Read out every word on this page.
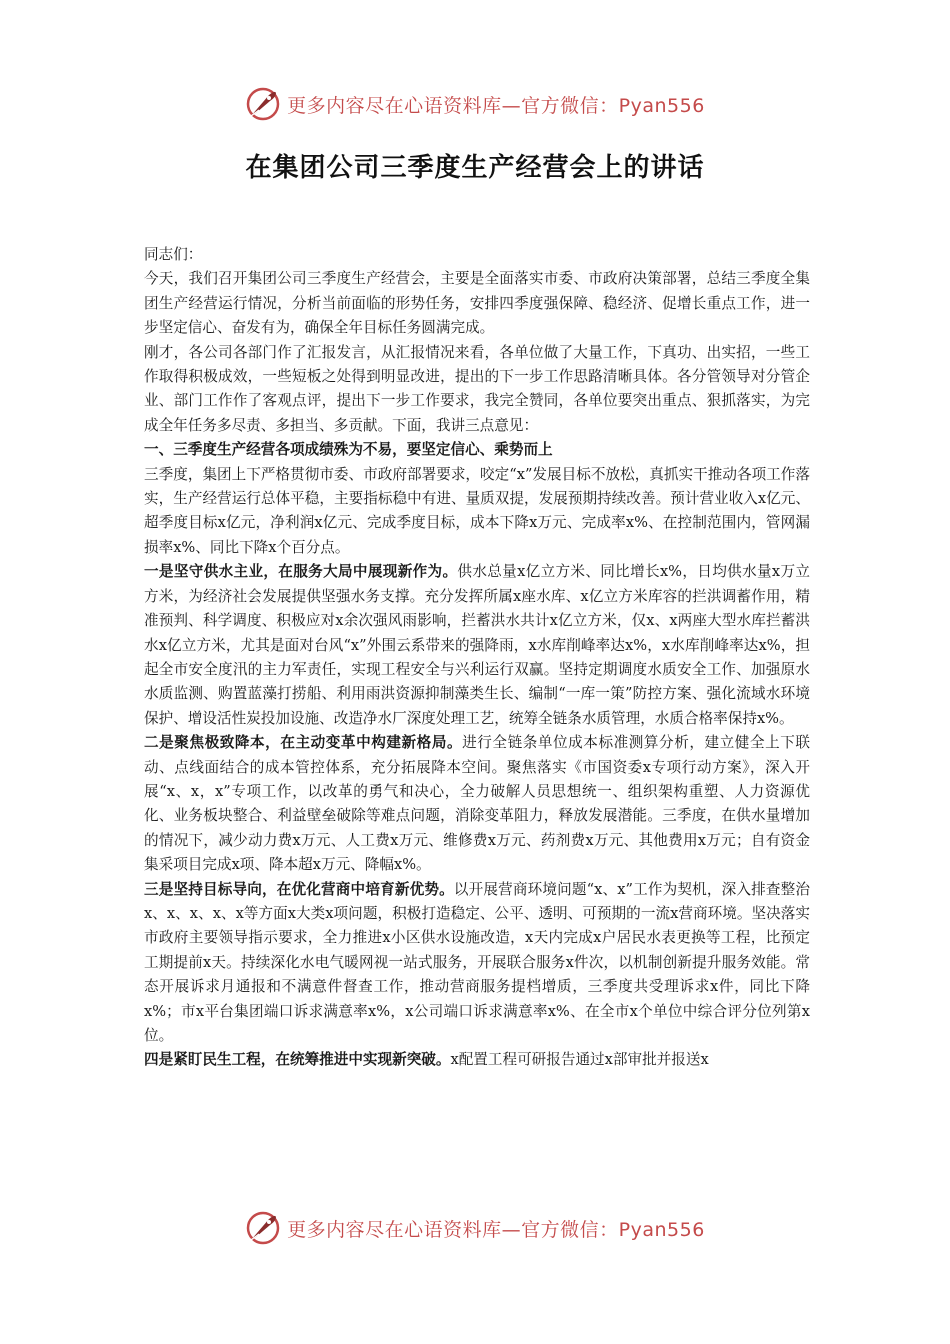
更多内容尽在心语资料库—官方微信：Pyan556
在集团公司三季度生产经营会上的讲话

同志们：

今天，我们召开集团公司三季度生产经营会，主要是全面落实市委、市政府决策部署，总结三季度全集团生产经营运行情况，分析当前面临的形势任务，安排四季度强保障、稳经济、促增长重点工作，进一步坚定信心、奋发有为，确保全年目标任务圆满完成。

刚才，各公司各部门作了汇报发言，从汇报情况来看，各单位做了大量工作，下真功、出实招，一些工作取得积极成效，一些短板之处得到明显改进，提出的下一步工作思路清晰具体。各分管领导对分管企业、部门工作作了客观点评，提出下一步工作要求，我完全赞同，各单位要突出重点、狠抓落实，为完成全年任务多尽责、多担当、多贡献。下面，我讲三点意见：

一、三季度生产经营各项成绩殊为不易，要坚定信心、乘势而上

三季度，集团上下严格贯彻市委、市政府部署要求，咬定“x”发展目标不放松，真抓实干推动各项工作落实，生产经营运行总体平稳，主要指标稳中有进、量质双提，发展预期持续改善。预计营业收入x亿元、超季度目标x亿元，净利润x亿元、完成季度目标，成本下降x万元、完成率x%、在控制范围内，管网漏损率x%、同比下降x个百分点。

一是坚守供水主业，在服务大局中展现新作为。供水总量x亿立方米、同比增长x%，日均供水量x万立方米，为经济社会发展提供坚强水务支撑。充分发挥所属x座水库、x亿立方米库容的拦洪调蓄作用，精准预判、科学调度、积极应对x余次强风雨影响，拦蓄洪水共计x亿立方米，仅x、x两座大型水库拦蓄洪水x亿立方米，尤其是面对台风“x”外围云系带来的强降雨，x水库削峰率达x%，x水库削峰率达x%，担起全市安全度汛的主力军责任，实现工程安全与兴利运行双赢。坚持定期调度水质安全工作、加强原水水质监测、购置蓝藻打捞船、利用雨洪资源抑制藻类生长、编制“一库一策”防控方案、强化流域水环境保护、增设活性炭投加设施、改造净水厂深度处理工艺，统筹全链条水质管理，水质合格率保持x%。

二是聚焦极致降本，在主动变革中构建新格局。进行全链条单位成本标准测算分析，建立健全上下联动、点线面结合的成本管控体系，充分拓展降本空间。聚焦落实《市国资委x专项行动方案》，深入开展“x、x，x”专项工作，以改革的勇气和决心，全力破解人员思想统一、组织架构重塑、人力资源优化、业务板块整合、利益壁垒破除等难点问题，消除变革阻力，释放发展潜能。三季度，在供水量增加的情况下，减少动力费x万元、人工费x万元、维修费x万元、药剂费x万元、其他费用x万元；自有资金集采项目完成x项、降本超x万元、降幅x%。

三是坚持目标导向，在优化营商中培育新优势。以开展营商环境问题“x、x”工作为契机，深入排查整治x、x、x、x、x等方面x大类x项问题，积极打造稳定、公平、透明、可预期的一流x营商环境。坚决落实市政府主要领导指示要求，全力推进x小区供水设施改造，x天内完成x户居民水表更换等工程，比预定工期提前x天。持续深化水电气暖网视一站式服务，开展联合服务x件次，以机制创新提升服务效能。常态开展诉求月通报和不满意件督查工作，推动营商服务提档增质，三季度共受理诉求x件，同比下降x%；市x平台集团端口诉求满意率x%，x公司端口诉求满意率x%、在全市x个单位中综合评分位列第x位。

四是紧盯民生工程，在统筹推进中实现新突破。x配置工程可研报告通过x部审批并报送x

更多内容尽在心语资料库—官方微信：Pyan556
